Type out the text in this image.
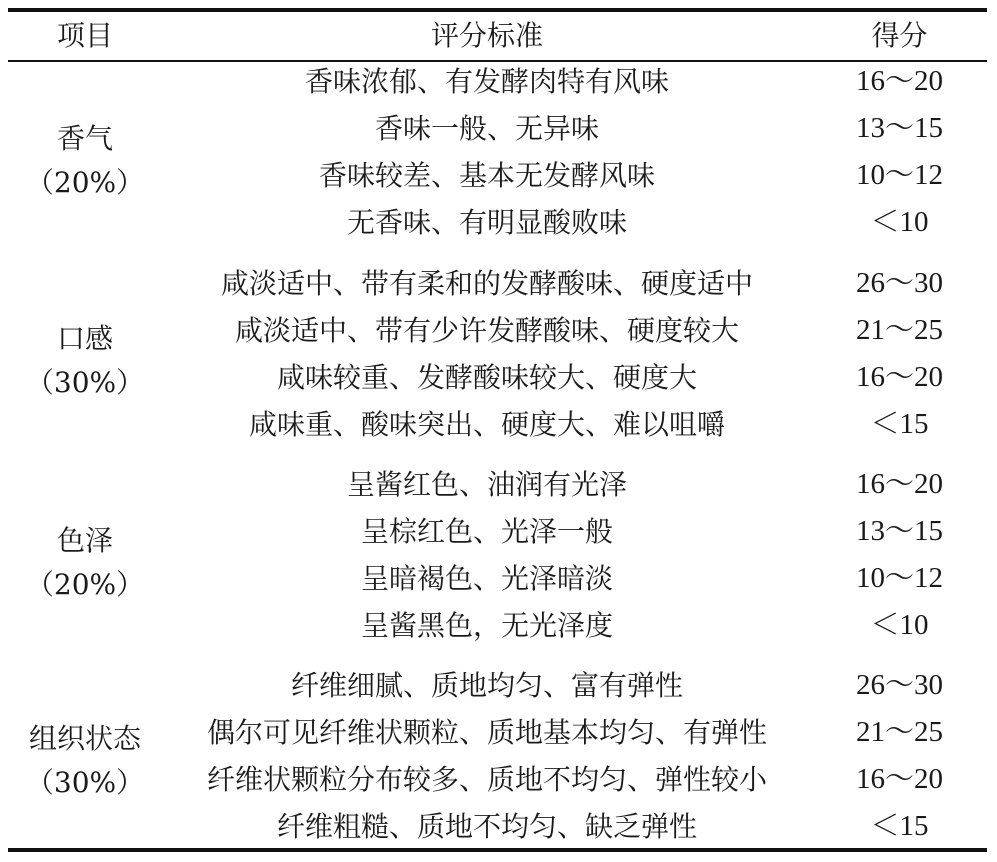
项目	评分标准	得分
香气
（20%）
香味浓郁、有发酵肉特有风味	16～20
香味一般、无异味	13～15
香味较差、基本无发酵风味	10～12
无香味、有明显酸败味	＜10
口感
（30%）
咸淡适中、带有柔和的发酵酸味、硬度适中	26～30
咸淡适中、带有少许发酵酸味、硬度较大	21～25
咸味较重、发酵酸味较大、硬度大	16～20
咸味重、酸味突出、硬度大、难以咀嚼	＜15
色泽
（20%）
呈酱红色、油润有光泽	16～20
呈棕红色、光泽一般	13～15
呈暗褐色、光泽暗淡	10～12
呈酱黑色，无光泽度	＜10
组织状态
（30%）
纤维细腻、质地均匀、富有弹性	26～30
偶尔可见纤维状颗粒、质地基本均匀、有弹性	21～25
纤维状颗粒分布较多、质地不均匀、弹性较小	16～20
纤维粗糙、质地不均匀、缺乏弹性	＜15
